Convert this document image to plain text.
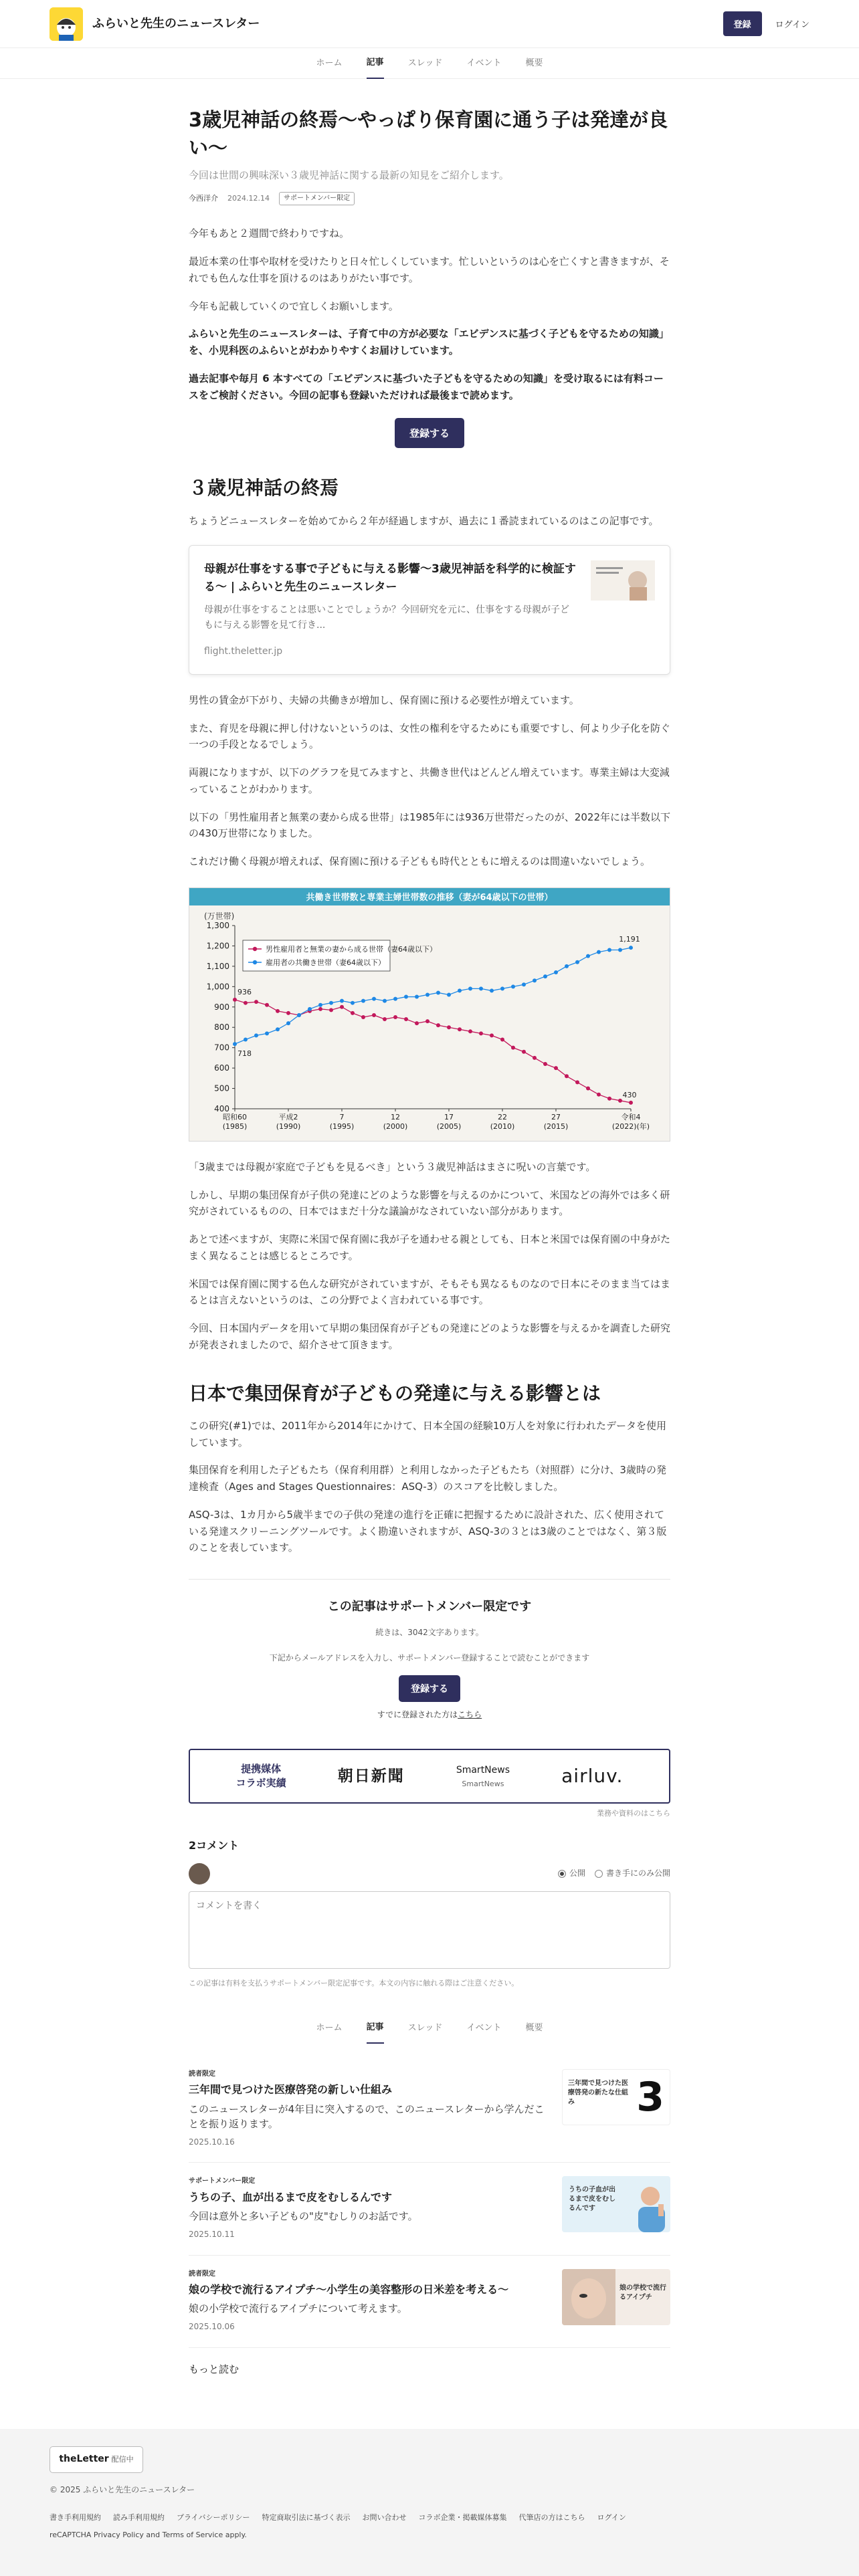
ふらいと先生のニュースレター	登録	ログイン
ホーム	記事	スレッド	イベント	概要
3歳児神話の終焉〜やっぱり保育園に通う子は発達が良い〜
今回は世間の興味深い３歳児神話に関する最新の知見をご紹介します。
今西洋介 2024.12.14	サポートメンバー限定

今年もあと２週間で終わりですね。

最近本業の仕事や取材を受けたりと日々忙しくしています。忙しいというのは心を亡くすと書きますが、それでも色んな仕事を頂けるのはありがたい事です。

今年も記載していくので宜しくお願いします。

ふらいと先生のニュースレターは、子育て中の方が必要な「エビデンスに基づく子どもを守るための知識」を、小児科医のふらいとがわかりやすくお届けしています。

過去記事や毎月 6 本すべての「エビデンスに基づいた子どもを守るための知識」を受け取るには有料コースをご検討ください。今回の記事も登録いただければ最後まで読めます。

登録する
３歳児神話の終焉

ちょうどニュースレターを始めてから２年が経過しますが、過去に１番読まれているのはこの記事です。

母親が仕事をする事で子どもに与える影響〜3歳児神話を科学的に検証する〜 | ふらいと先生のニュースレター
母親が仕事をすることは悪いことでしょうか？今回研究を元に、仕事をする母親が子どもに与える影響を見て行き...
flight.theletter.jp

男性の賃金が下がり、夫婦の共働きが増加し、保育園に預ける必要性が増えています。

また、育児を母親に押し付けないというのは、女性の権利を守るためにも重要ですし、何より少子化を防ぐ一つの手段となるでしょう。

両親になりますが、以下のグラフを見てみますと、共働き世代はどんどん増えています。専業主婦は大変減っていることがわかります。

以下の「男性雇用者と無業の妻から成る世帯」は1985年には936万世帯だったのが、2022年には半数以下の430万世帯になりました。

これだけ働く母親が増えれば、保育園に預ける子どもも時代とともに増えるのは間違いないでしょう。

共働き世帯数と専業主婦世帯数の推移（妻が64歳以下の世帯）
(万世帯)
400
500
600
700
800
900
1,000
1,100
1,200
1,300
昭和60
(1985)
平成2
(1990)
7
(1995)
12
(2000)
17
(2005)
22
(2010)
27
(2015)
令和4
(2022)(年)
男性雇用者と無業の妻から成る世帯（妻64歳以下）
雇用者の共働き世帯（妻64歳以下）
936
718
1,191
430

「3歳までは母親が家庭で子どもを見るべき」という３歳児神話はまさに呪いの言葉です。

しかし、早期の集団保育が子供の発達にどのような影響を与えるのかについて、米国などの海外では多く研究がされているものの、日本ではまだ十分な議論がなされていない部分があります。

あとで述べますが、実際に米国で保育園に我が子を通わせる親としても、日本と米国では保育園の中身がたまく異なることは感じるところです。

米国では保育園に関する色んな研究がされていますが、そもそも異なるものなので日本にそのまま当てはまるとは言えないというのは、この分野でよく言われている事です。

今回、日本国内データを用いて早期の集団保育が子どもの発達にどのような影響を与えるかを調査した研究が発表されましたので、紹介させて頂きます。

日本で集団保育が子どもの発達に与える影響とは

この研究(#1)では、2011年から2014年にかけて、日本全国の経験10万人を対象に行われたデータを使用しています。

集団保育を利用した子どもたち（保育利用群）と利用しなかった子どもたち（対照群）に分け、3歳時の発達検査（Ages and Stages Questionnaires：ASQ-3）のスコアを比較しました。

ASQ-3は、1カ月から5歳半までの子供の発達の進行を正確に把握するために設計された、広く使用されている発達スクリーニングツールです。よく勘違いされますが、ASQ-3の３とは3歳のことではなく、第３版のことを表しています。

この記事はサポートメンバー限定です
続きは、3042文字あります。
下記からメールアドレスを入力し、サポートメンバー登録することで読むことができます
登録する
すでに登録された方はこちら
提携媒体
コラボ実績	朝日新聞	SmartNews
SmartNews	airluv.
業務や資料のはこちら
2コメント
公開	書き手にのみ公開
コメントを書く
この記事は有料を支払うサポートメンバー限定記事です。本文の内容に触れる際はご注意ください。
ホーム	記事	スレッド	イベント	概要
読者限定
三年間で見つけた医療啓発の新しい仕組み
このニュースレターが4年目に突入するので、このニュースレターから学んだことを振り返ります。
2025.10.16
三年間で見つけた医療啓発の新たな仕組み	3
サポートメンバー限定
うちの子、血が出るまで皮をむしるんです
今回は意外と多い子どもの"皮"むしりのお話です。
2025.10.11
うちの子血が出るまで皮をむしるんです
読者限定
娘の学校で流行るアイプチ〜小学生の美容整形の日米差を考える〜
娘の小学校で流行るアイプチについて考えます。
2025.10.06
娘の学校で流行るアイプチ
もっと読む
theLetter 配信中
© 2025 ふらいと先生のニュースレター
書き手利用規約 読み手利用規約 プライバシーポリシー 特定商取引法に基づく表示 お問い合わせ コラボ企業・掲載媒体募集 代筆店の方はこちら ログイン
reCAPTCHA Privacy Policy and Terms of Service apply.
